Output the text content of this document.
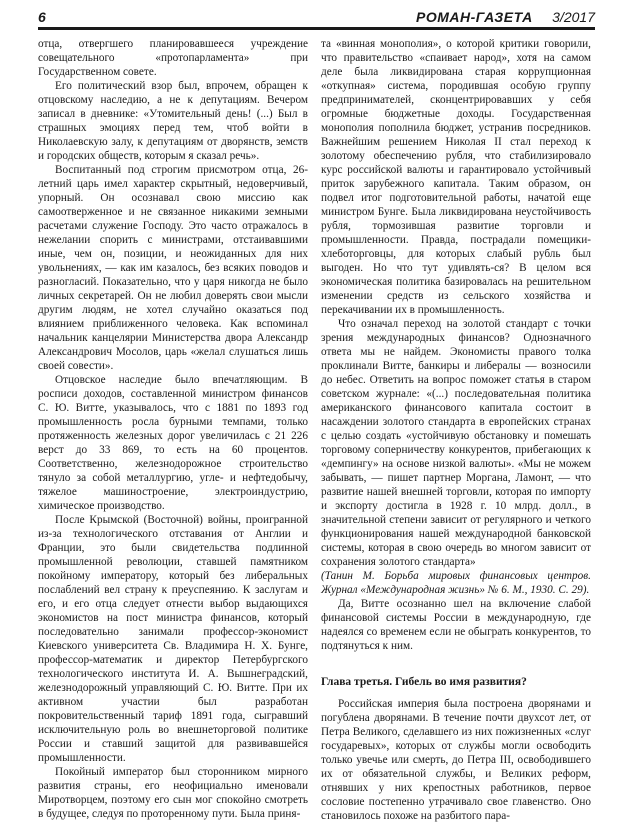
6	РОМАН-ГАЗЕТА 3/2017

отца, отвергшего планировавшееся учреждение совещательного «протопарламента» при Государственном совете.

Его политический взор был, впрочем, обращен к отцовскому наследию, а не к депутациям. Вечером записал в дневнике: «Утомительный день! (...) Был в страшных эмоциях перед тем, чтоб войти в Николаевскую залу, к депутациям от дворянств, земств и городских обществ, которым я сказал речь».

Воспитанный под строгим присмотром отца, 26-летний царь имел характер скрытный, недоверчивый, упорный. Он осознавал свою миссию как самоотверженное и не связанное никакими земными расчетами служение Господу. Это часто отражалось в нежелании спорить с министрами, отстаивавшими иные, чем он, позиции, и неожиданных для них увольнениях, — как им казалось, без всяких поводов и разногласий. Показательно, что у царя никогда не было личных секретарей. Он не любил доверять свои мысли другим людям, не хотел случайно оказаться под влиянием приближенного человека. Как вспоминал начальник канцелярии Министерства двора Александр Александрович Мосолов, царь «желал слушаться лишь своей совести».

Отцовское наследие было впечатляющим. В росписи доходов, составленной министром финансов С. Ю. Витте, указывалось, что с 1881 по 1893 год промышленность росла бурными темпами, только протяженность железных дорог увеличилась с 21 226 верст до 33 869, то есть на 60 процентов. Соответственно, железнодорожное строительство тянуло за собой металлургию, угле- и нефтедобычу, тяжелое машиностроение, электроиндустрию, химическое производство.

После Крымской (Восточной) войны, проигранной из-за технологического отставания от Англии и Франции, это были свидетельства подлинной промышленной революции, ставшей памятником покойному императору, который без либеральных послаблений вел страну к преуспеянию. К заслугам и его, и его отца следует отнести выбор выдающихся экономистов на пост министра финансов, который последовательно занимали профессор-экономист Киевского университета Св. Владимира Н. Х. Бунге, профессор-математик и директор Петербургского технологического института И. А. Вышнеградский, железнодорожный управляющий С. Ю. Витте. При их активном участии был разработан покровительственный тариф 1891 года, сыгравший исключительную роль во внешнеторговой политике России и ставший защитой для развивавшейся промышленности.

Покойный император был сторонником мирного развития страны, его неофициально именовали Миротворцем, поэтому его сын мог спокойно смотреть в будущее, следуя по проторенному пути. Была приня-

та «винная монополия», о которой критики говорили, что правительство «спаивает народ», хотя на самом деле была ликвидирована старая коррупционная «откупная» система, породившая особую группу предпринимателей, сконцентрировавших у себя огромные бюджетные доходы. Государственная монополия пополнила бюджет, устранив посредников. Важнейшим решением Николая II стал переход к золотому обеспечению рубля, что стабилизировало курс российской валюты и гарантировало устойчивый приток зарубежного капитала. Таким образом, он подвел итог подготовительной работы, начатой еще министром Бунге. Была ликвидирована неустойчивость рубля, тормозившая развитие торговли и промышленности. Правда, пострадали помещики-хлеботорговцы, для которых слабый рубль был выгоден. Но что тут удивлять-ся? В целом вся экономическая политика базировалась на решительном изменении средств из сельского хозяйства и перекачивании их в промышленность.

Что означал переход на золотой стандарт с точки зрения международных финансов? Однозначного ответа мы не найдем. Экономисты правого толка проклинали Витте, банкиры и либералы — возносили до небес. Ответить на вопрос поможет статья в старом советском журнале: «(...) последовательная политика американского финансового капитала состоит в насаждении золотого стандарта в европейских странах с целью создать «устойчивую обстановку и помешать торговому соперничеству конкурентов, прибегающих к «демпингу» на основе низкой валюты». «Мы не можем забывать, — пишет партнер Моргана, Ламонт, — что развитие нашей внешней торговли, которая по импорту и экспорту достигла в 1928 г. 10 млрд. долл., в значительной степени зависит от регулярного и четкого функционирования нашей международной банковской системы, которая в свою очередь во многом зависит от сохранения золотого стандарта»

(Танин М. Борьба мировых финансовых центров. Журнал «Международная жизнь» № 6. М., 1930. С. 29).

Да, Витте осознанно шел на включение слабой финансовой системы России в международную, где надеялся со временем если не обыграть конкурентов, то подтянуться к ним.

Глава третья. Гибель во имя развития?

Российская империя была построена дворянами и погублена дворянами. В течение почти двухсот лет, от Петра Великого, сделавшего из них пожизненных «слуг государевых», которых от службы могли освободить только увечье или смерть, до Петра III, освободившего их от обязательной службы, и Великих реформ, отнявших у них крепостных работников, первое сословие постепенно утрачивало свое главенство. Оно становилось похоже на разбитого пара-
